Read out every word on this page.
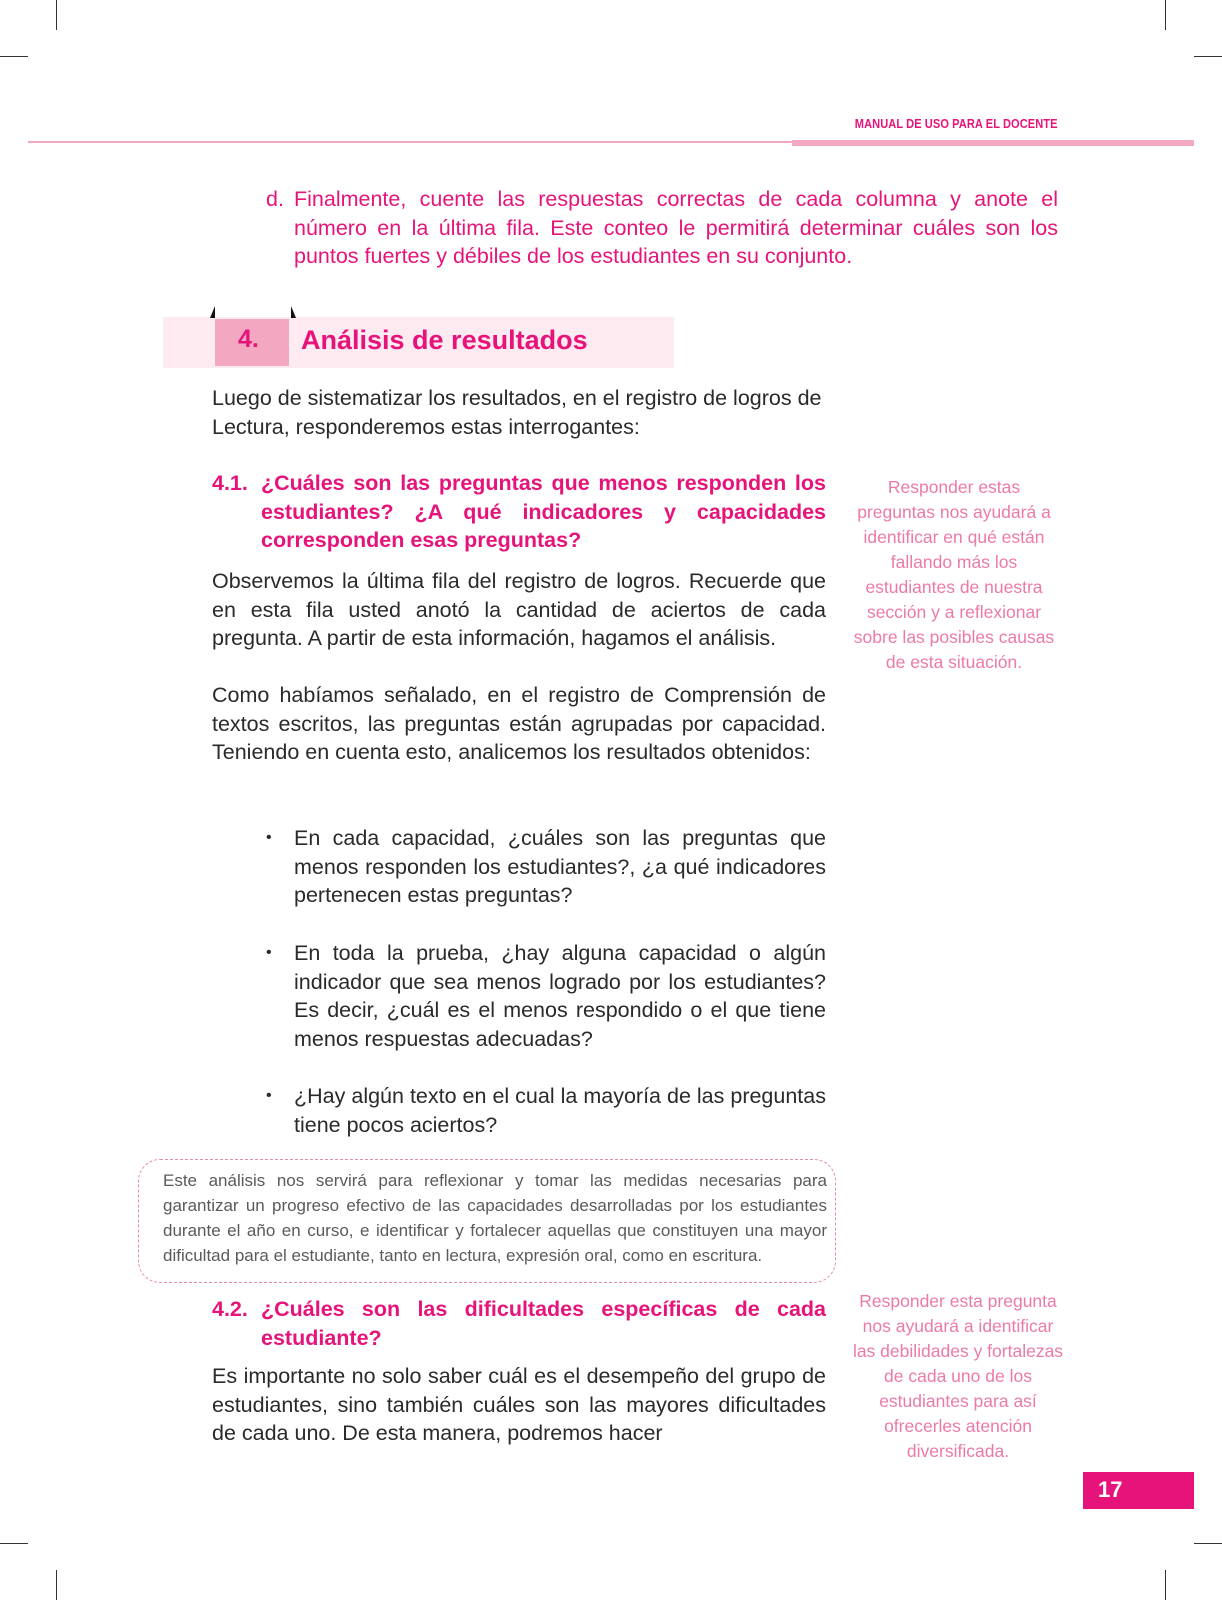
MANUAL DE USO PARA EL DOCENTE
d. Finalmente, cuente las respuestas correctas de cada columna y anote el número en la última fila. Este conteo le permitirá determinar cuáles son los puntos fuertes y débiles de los estudiantes en su conjunto.
4. Análisis de resultados
Luego de sistematizar los resultados, en el registro de logros de Lectura, responderemos estas interrogantes:
4.1. ¿Cuáles son las preguntas que menos responden los estudiantes? ¿A qué indicadores y capacidades corresponden esas preguntas?
Observemos la última fila del registro de logros. Recuerde que en esta fila usted anotó la cantidad de aciertos de cada pregunta. A partir de esta información, hagamos el análisis.
Como habíamos señalado, en el registro de Comprensión de textos escritos, las preguntas están agrupadas por capacidad. Teniendo en cuenta esto, analicemos los resultados obtenidos:
• En cada capacidad, ¿cuáles son las preguntas que menos responden los estudiantes?, ¿a qué indicadores pertenecen estas preguntas?
• En toda la prueba, ¿hay alguna capacidad o algún indicador que sea menos logrado por los estudiantes? Es decir, ¿cuál es el menos respondido o el que tiene menos respuestas adecuadas?
• ¿Hay algún texto en el cual la mayoría de las preguntas tiene pocos aciertos?
Este análisis nos servirá para reflexionar y tomar las medidas necesarias para garantizar un progreso efectivo de las capacidades desarrolladas por los estudiantes durante el año en curso, e identificar y fortalecer aquellas que constituyen una mayor dificultad para el estudiante, tanto en lectura, expresión oral, como en escritura.
4.2. ¿Cuáles son las dificultades específicas de cada estudiante?
Es importante no solo saber cuál es el desempeño del grupo de estudiantes, sino también cuáles son las mayores dificultades de cada uno. De esta manera, podremos hacer
Responder estas preguntas nos ayudará a identificar en qué están fallando más los estudiantes de nuestra sección y a reflexionar sobre las posibles causas de esta situación.
Responder esta pregunta nos ayudará a identificar las debilidades y fortalezas de cada uno de los estudiantes para así ofrecerles atención diversificada.
17
